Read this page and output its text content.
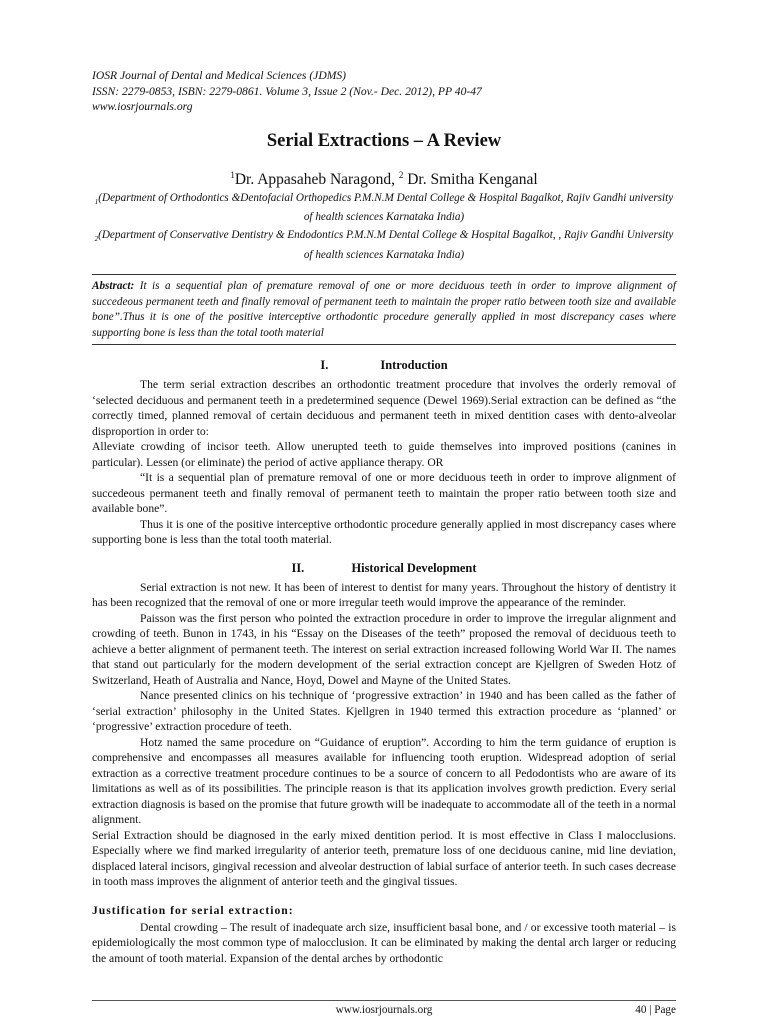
IOSR Journal of Dental and Medical Sciences (JDMS)
ISSN: 2279-0853, ISBN: 2279-0861. Volume 3, Issue 2 (Nov.- Dec. 2012), PP 40-47
www.iosrjournals.org
Serial Extractions – A Review
$^1$Dr. Appasaheb Naragond, $^2$ Dr. Smitha Kenganal
$_1$(Department of Orthodontics &Dentofacial Orthopedics P.M.N.M Dental College & Hospital Bagalkot, Rajiv Gandhi university of health sciences Karnataka India)
$_2$(Department of Conservative Dentistry & Endodontics P.M.N.M Dental College & Hospital Bagalkot, , Rajiv Gandhi University of health sciences Karnataka India)
Abstract: It is a sequential plan of premature removal of one or more deciduous teeth in order to improve alignment of succedeous permanent teeth and finally removal of permanent teeth to maintain the proper ratio between tooth size and available bone”.Thus it is one of the positive interceptive orthodontic procedure generally applied in most discrepancy cases where supporting bone is less than the total tooth material
I.	Introduction

The term serial extraction describes an orthodontic treatment procedure that involves the orderly removal of ‘selected deciduous and permanent teeth in a predetermined sequence (Dewel 1969).Serial extraction can be defined as “the correctly timed, planned removal of certain deciduous and permanent teeth in mixed dentition cases with dento-alveolar disproportion in order to:

Alleviate crowding of incisor teeth. Allow unerupted teeth to guide themselves into improved positions (canines in particular). Lessen (or eliminate) the period of active appliance therapy. OR

“It is a sequential plan of premature removal of one or more deciduous teeth in order to improve alignment of succedeous permanent teeth and finally removal of permanent teeth to maintain the proper ratio between tooth size and available bone”.

Thus it is one of the positive interceptive orthodontic procedure generally applied in most discrepancy cases where supporting bone is less than the total tooth material.

II.	Historical Development

Serial extraction is not new. It has been of interest to dentist for many years. Throughout the history of dentistry it has been recognized that the removal of one or more irregular teeth would improve the appearance of the reminder.

Paisson was the first person who pointed the extraction procedure in order to improve the irregular alignment and crowding of teeth. Bunon in 1743, in his “Essay on the Diseases of the teeth” proposed the removal of deciduous teeth to achieve a better alignment of permanent teeth. The interest on serial extraction increased following World War II. The names that stand out particularly for the modern development of the serial extraction concept are Kjellgren of Sweden Hotz of Switzerland, Heath of Australia and Nance, Hoyd, Dowel and Mayne of the United States.

Nance presented clinics on his technique of ‘progressive extraction’ in 1940 and has been called as the father of ‘serial extraction’ philosophy in the United States. Kjellgren in 1940 termed this extraction procedure as ‘planned’ or ‘progressive’ extraction procedure of teeth.

Hotz named the same procedure on “Guidance of eruption”. According to him the term guidance of eruption is comprehensive and encompasses all measures available for influencing tooth eruption. Widespread adoption of serial extraction as a corrective treatment procedure continues to be a source of concern to all Pedodontists who are aware of its limitations as well as of its possibilities. The principle reason is that its application involves growth prediction. Every serial extraction diagnosis is based on the promise that future growth will be inadequate to accommodate all of the teeth in a normal alignment.

Serial Extraction should be diagnosed in the early mixed dentition period. It is most effective in Class I malocclusions. Especially where we find marked irregularity of anterior teeth, premature loss of one deciduous canine, mid line deviation, displaced lateral incisors, gingival recession and alveolar destruction of labial surface of anterior teeth. In such cases decrease in tooth mass improves the alignment of anterior teeth and the gingival tissues.

Justification for serial extraction:

Dental crowding – The result of inadequate arch size, insufficient basal bone, and / or excessive tooth material – is epidemiologically the most common type of malocclusion. It can be eliminated by making the dental arch larger or reducing the amount of tooth material. Expansion of the dental arches by orthodontic

www.iosrjournals.org	40 | Page
